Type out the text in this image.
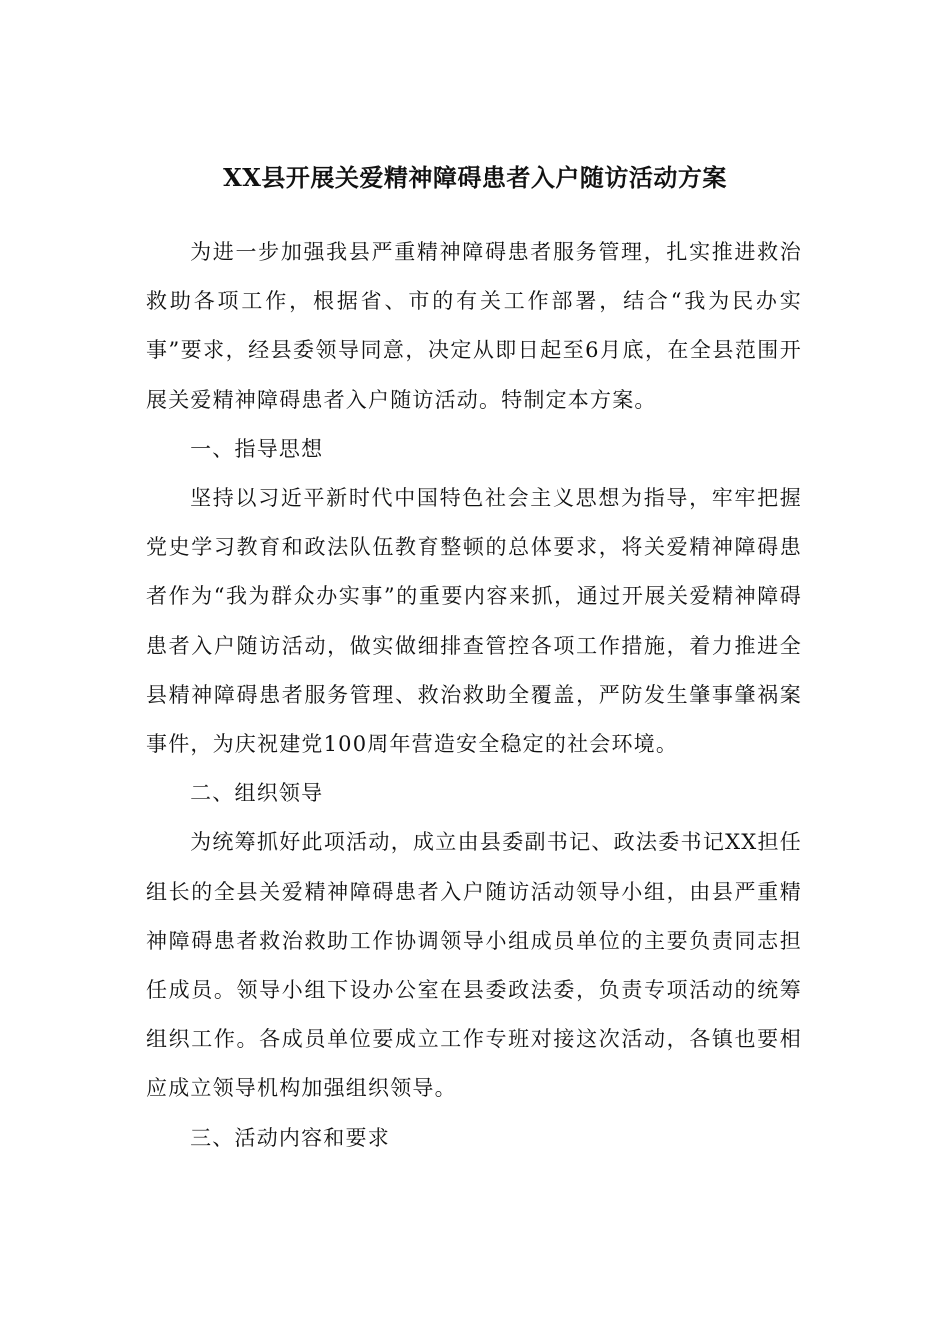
XX县开展关爱精神障碍患者入户随访活动方案

为进一步加强我县严重精神障碍患者服务管理，扎实推进救治救助各项工作，根据省、市的有关工作部署，结合“我为民办实事”要求，经县委领导同意，决定从即日起至6月底，在全县范围开展关爱精神障碍患者入户随访活动。特制定本方案。

一、指导思想

坚持以习近平新时代中国特色社会主义思想为指导，牢牢把握党史学习教育和政法队伍教育整顿的总体要求，将关爱精神障碍患者作为“我为群众办实事”的重要内容来抓，通过开展关爱精神障碍患者入户随访活动，做实做细排查管控各项工作措施，着力推进全县精神障碍患者服务管理、救治救助全覆盖，严防发生肇事肇祸案事件，为庆祝建党100周年营造安全稳定的社会环境。

二、组织领导

为统筹抓好此项活动，成立由县委副书记、政法委书记XX担任组长的全县关爱精神障碍患者入户随访活动领导小组，由县严重精神障碍患者救治救助工作协调领导小组成员单位的主要负责同志担任成员。领导小组下设办公室在县委政法委，负责专项活动的统筹组织工作。各成员单位要成立工作专班对接这次活动，各镇也要相应成立领导机构加强组织领导。

三、活动内容和要求
